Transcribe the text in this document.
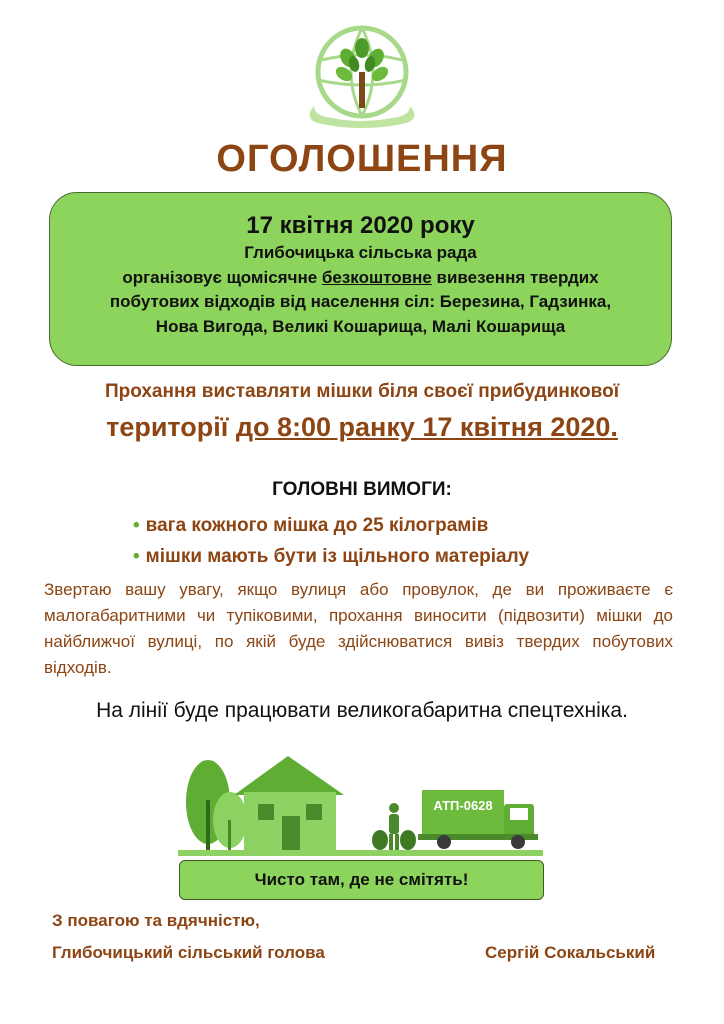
ОГОЛОШЕННЯ
17 квітня 2020 року
Глибочицька сільська рада
організовує щомісячне безкоштовне вивезення твердих
побутових відходів від населення сіл: Березина, Гадзинка,
Нова Вигода, Великі Кошарища, Малі Кошарища
Прохання виставляти мішки біля своєї прибудинкової
території до 8:00 ранку 17 квітня 2020.
ГОЛОВНІ ВИМОГИ:
• вага кожного мішка до 25 кілограмів
• мішки мають бути із щільного матеріалу
Звертаю вашу увагу, якщо вулиця або провулок, де ви проживаєте є малогабаритними чи тупіковими, прохання виносити (підвозити) мішки до найближчої вулиці, по якій буде здійснюватися вивіз твердих побутових відходів.
На лінії буде працювати великогабаритна спецтехніка.
АТП-0628
Чисто там, де не смітять!
З повагою та вдячністю,
Глибочицький сільський голова	Сергій Сокальський
